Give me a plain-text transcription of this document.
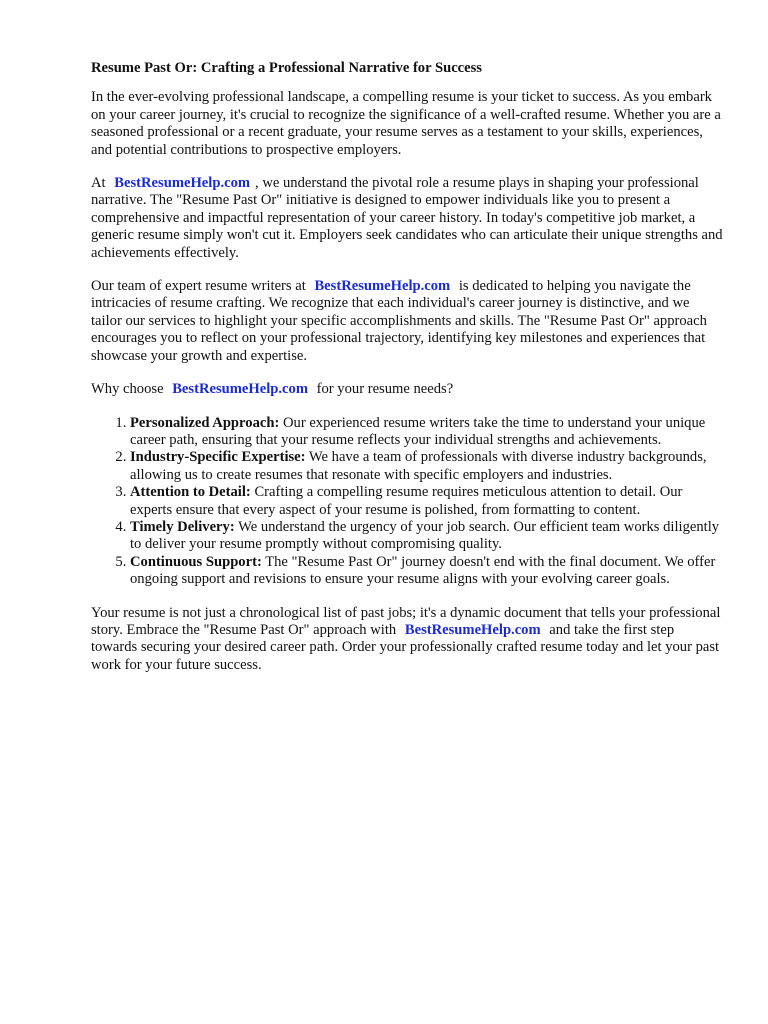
Resume Past Or: Crafting a Professional Narrative for Success

In the ever-evolving professional landscape, a compelling resume is your ticket to success. As you embark on your career journey, it's crucial to recognize the significance of a well-crafted resume. Whether you are a seasoned professional or a recent graduate, your resume serves as a testament to your skills, experiences, and potential contributions to prospective employers.

At BestResumeHelp.com , we understand the pivotal role a resume plays in shaping your professional narrative. The "Resume Past Or" initiative is designed to empower individuals like you to present a comprehensive and impactful representation of your career history. In today's competitive job market, a generic resume simply won't cut it. Employers seek candidates who can articulate their unique strengths and achievements effectively.

Our team of expert resume writers at BestResumeHelp.com is dedicated to helping you navigate the intricacies of resume crafting. We recognize that each individual's career journey is distinctive, and we tailor our services to highlight your specific accomplishments and skills. The "Resume Past Or" approach encourages you to reflect on your professional trajectory, identifying key milestones and experiences that showcase your growth and expertise.

Why choose BestResumeHelp.com for your resume needs?

1. Personalized Approach: Our experienced resume writers take the time to understand your unique career path, ensuring that your resume reflects your individual strengths and achievements.
2. Industry-Specific Expertise: We have a team of professionals with diverse industry backgrounds, allowing us to create resumes that resonate with specific employers and industries.
3. Attention to Detail: Crafting a compelling resume requires meticulous attention to detail. Our experts ensure that every aspect of your resume is polished, from formatting to content.
4. Timely Delivery: We understand the urgency of your job search. Our efficient team works diligently to deliver your resume promptly without compromising quality.
5. Continuous Support: The "Resume Past Or" journey doesn't end with the final document. We offer ongoing support and revisions to ensure your resume aligns with your evolving career goals.

Your resume is not just a chronological list of past jobs; it's a dynamic document that tells your professional story. Embrace the "Resume Past Or" approach with BestResumeHelp.com and take the first step towards securing your desired career path. Order your professionally crafted resume today and let your past work for your future success.
